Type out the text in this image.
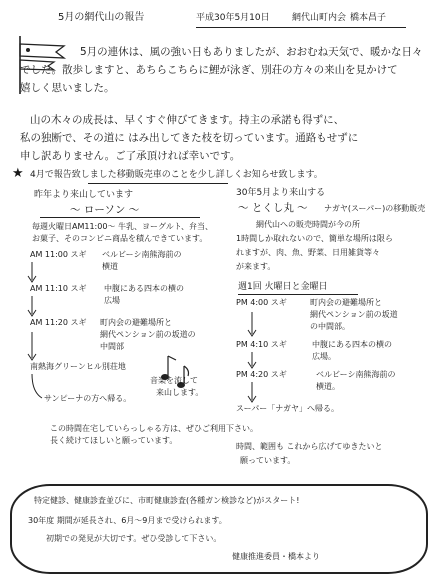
5月の網代山の報告	平成30年5月10日 網代山町内会 橋本昌子
5月の連休は、風の強い日もありましたが、おおむね天気で、暖かな日々
でした。散歩しますと、あちらこちらに鯉が泳ぎ、別荘の方々の来山を見かけて
嬉しく思いました。
山の木々の成長は、早くすぐ伸びてきます。持主の承諾も得ずに、
私の独断で、その道に はみ出してきた枝を切っています。通路もせずに
申し訳ありません。ご了承頂ければ幸いです。
★ 4月で報告致しました移動販売車のことを少し詳しくお知らせ致します。
昨年より来山しています
〜 ローソン 〜
毎週火曜日AM11:00〜 牛乳、ヨーグルト、弁当、
お菓子、そのコンビニ商品を積んできています。
AM 11:00 スギ ベルビーシ南熊海前の
横道
AM 11:10 スギ 中腹にある四本の横の
広場
AM 11:20 スギ 町内会の避難場所と
網代ペンション前の坂道の
中間部
南熱海グリーンヒル別荘地
サンピーナの方へ帰る。
音楽を流して
来山します。
30年5月より来山する
〜 とくし丸 〜 ナガヤ(スーパー)の移動販売
網代山への販売時間が今の所
1時間しか取れないので、簡単な場所は限ら
れますが、肉、魚、野菜、日用雑貨等々
が来ます。
週1回 火曜日と金曜日
PM 4:00 スギ	町内会の避難場所と
網代ペンション前の坂道
の中間部。
PM 4:10 スギ	中腹にある四本の横の
広場。
PM 4:20 スギ	ベルビーシ南熊海前の
横道。
スーパー「ナガヤ」へ帰る。
この時間在宅していらっしゃる方は、ぜひご利用下さい。
長く続けてほしいと願っています。
時間、範囲も これから広げてゆきたいと
願っています。
特定健診、健康診査並びに、市町健康診査(各種ガン検診など)がスタート!
30年度 期間が延長され、6月〜9月まで受けられます。
初期での発見が大切です。ぜひ受診して下さい。
健康推進委員・橋本より
